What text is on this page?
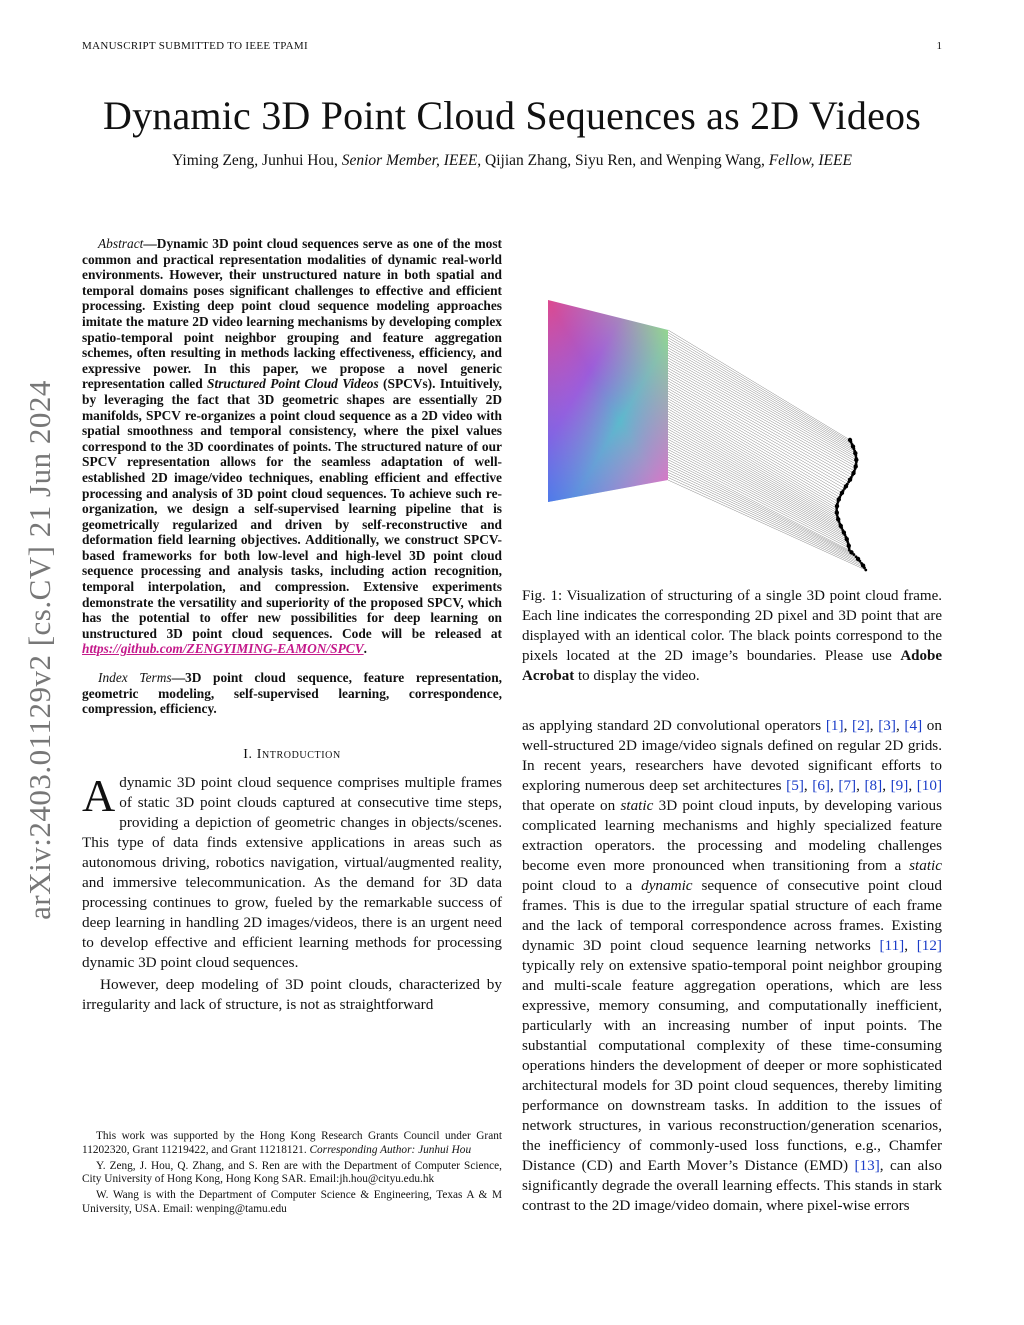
MANUSCRIPT SUBMITTED TO IEEE TPAMI	1
Dynamic 3D Point Cloud Sequences as 2D Videos
Yiming Zeng, Junhui Hou, Senior Member, IEEE, Qijian Zhang, Siyu Ren, and Wenping Wang, Fellow, IEEE
arXiv:2403.01129v2 [cs.CV] 21 Jun 2024

Abstract—Dynamic 3D point cloud sequences serve as one of the most common and practical representation modalities of dynamic real-world environments. However, their unstructured nature in both spatial and temporal domains poses significant challenges to effective and efficient processing. Existing deep point cloud sequence modeling approaches imitate the mature 2D video learning mechanisms by developing complex spatio-temporal point neighbor grouping and feature aggregation schemes, often resulting in methods lacking effectiveness, efficiency, and expressive power. In this paper, we propose a novel generic representation called Structured Point Cloud Videos (SPCVs). Intuitively, by leveraging the fact that 3D geometric shapes are essentially 2D manifolds, SPCV re-organizes a point cloud sequence as a 2D video with spatial smoothness and temporal consistency, where the pixel values correspond to the 3D coordinates of points. The structured nature of our SPCV representation allows for the seamless adaptation of well-established 2D image/video techniques, enabling efficient and effective processing and analysis of 3D point cloud sequences. To achieve such re-organization, we design a self-supervised learning pipeline that is geometrically regularized and driven by self-reconstructive and deformation field learning objectives. Additionally, we construct SPCV-based frameworks for both low-level and high-level 3D point cloud sequence processing and analysis tasks, including action recognition, temporal interpolation, and compression. Extensive experiments demonstrate the versatility and superiority of the proposed SPCV, which has the potential to offer new possibilities for deep learning on unstructured 3D point cloud sequences. Code will be released at https://github.com/ZENGYIMING-EAMON/SPCV.

Index Terms—3D point cloud sequence, feature representation, geometric modeling, self-supervised learning, correspondence, compression, efficiency.

I. Introduction

Adynamic 3D point cloud sequence comprises multiple frames of static 3D point clouds captured at consecutive time steps, providing a depiction of geometric changes in objects/scenes. This type of data finds extensive applications in areas such as autonomous driving, robotics navigation, virtual/augmented reality, and immersive telecommunication. As the demand for 3D data processing continues to grow, fueled by the remarkable success of deep learning in handling 2D images/videos, there is an urgent need to develop effective and efficient learning methods for processing dynamic 3D point cloud sequences.

However, deep modeling of 3D point clouds, characterized by irregularity and lack of structure, is not as straightforward

This work was supported by the Hong Kong Research Grants Council under Grant 11202320, Grant 11219422, and Grant 11218121. Corresponding Author: Junhui Hou

Y. Zeng, J. Hou, Q. Zhang, and S. Ren are with the Department of Computer Science, City University of Hong Kong, Hong Kong SAR. Email:jh.hou@cityu.edu.hk

W. Wang is with the Department of Computer Science & Engineering, Texas A & M University, USA. Email: wenping@tamu.edu

Fig. 1: Visualization of structuring of a single 3D point cloud frame. Each line indicates the corresponding 2D pixel and 3D point that are displayed with an identical color. The black points correspond to the pixels located at the 2D image’s boundaries. Please use Adobe Acrobat to display the video.

as applying standard 2D convolutional operators [1], [2], [3], [4] on well-structured 2D image/video signals defined on regular 2D grids. In recent years, researchers have devoted significant efforts to exploring numerous deep set architectures [5], [6], [7], [8], [9], [10] that operate on static 3D point cloud inputs, by developing various complicated learning mechanisms and highly specialized feature extraction operators. the processing and modeling challenges become even more pronounced when transitioning from a static point cloud to a dynamic sequence of consecutive point cloud frames. This is due to the irregular spatial structure of each frame and the lack of temporal correspondence across frames. Existing dynamic 3D point cloud sequence learning networks [11], [12] typically rely on extensive spatio-temporal point neighbor grouping and multi-scale feature aggregation operations, which are less expressive, memory consuming, and computationally inefficient, particularly with an increasing number of input points. The substantial computational complexity of these time-consuming operations hinders the development of deeper or more sophisticated architectural models for 3D point cloud sequences, thereby limiting performance on downstream tasks. In addition to the issues of network structures, in various reconstruction/generation scenarios, the inefficiency of commonly-used loss functions, e.g., Chamfer Distance (CD) and Earth Mover’s Distance (EMD) [13], can also significantly degrade the overall learning effects. This stands in stark contrast to the 2D image/video domain, where pixel-wise errors
